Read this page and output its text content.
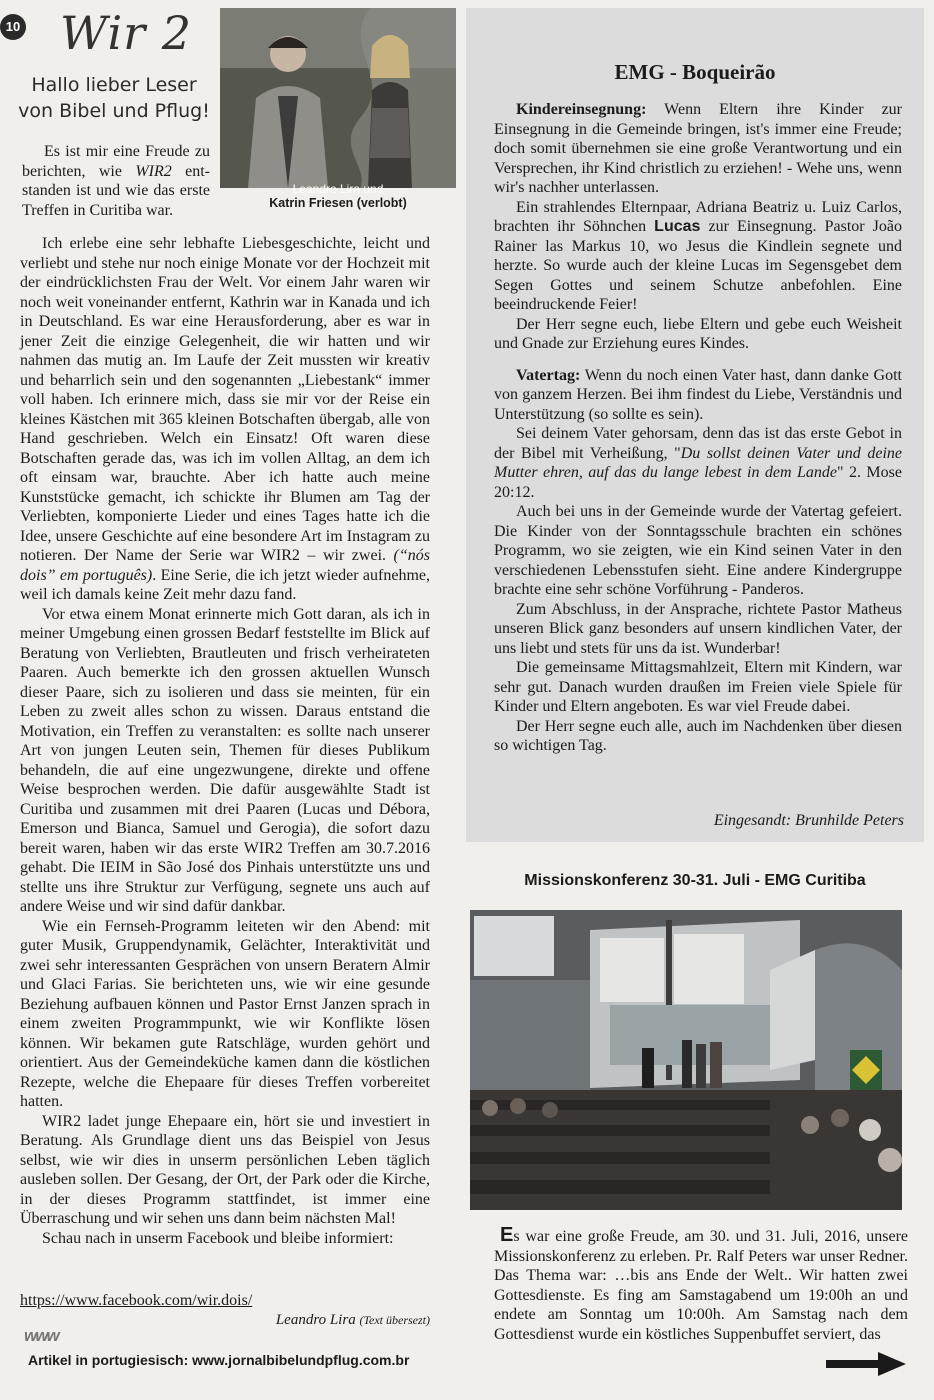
10 Wir 2
Hallo lieber Leser
von Bibel und Pflug!
Es ist mir eine Freude zu berichten, wie WIR2 ent- standen ist und wie das erste Treffen in Curitiba war.
Leandro Lira und
Katrin Friesen (verlobt)

Ich erlebe eine sehr lebhafte Liebesgeschichte, leicht und verliebt und stehe nur noch einige Monate vor der Hochzeit mit der eindrücklichsten Frau der Welt. Vor einem Jahr waren wir noch weit voneinander entfernt, Kathrin war in Kanada und ich in Deutschland. Es war eine Herausforderung, aber es war in jener Zeit die einzige Gelegenheit, die wir hatten und wir nahmen das mutig an. Im Laufe der Zeit mussten wir kreativ und beharrlich sein und den sogenannten „Liebestank“ immer voll haben. Ich erinnere mich, dass sie mir vor der Reise ein kleines Kästchen mit 365 kleinen Botschaften übergab, alle von Hand geschrieben. Welch ein Einsatz! Oft waren diese Botschaften gerade das, was ich im vollen Alltag, an dem ich oft einsam war, brauchte. Aber ich hatte auch meine Kunststücke gemacht, ich schickte ihr Blumen am Tag der Verliebten, komponierte Lieder und eines Tages hatte ich die Idee, unsere Geschichte auf eine besondere Art im Instagram zu notieren. Der Name der Serie war WIR2 – wir zwei. (“nós dois” em português). Eine Serie, die ich jetzt wieder aufnehme, weil ich damals keine Zeit mehr dazu fand.

Vor etwa einem Monat erinnerte mich Gott daran, als ich in meiner Umgebung einen grossen Bedarf feststellte im Blick auf Beratung von Verliebten, Brautleuten und frisch verheirateten Paaren. Auch bemerkte ich den grossen aktuellen Wunsch dieser Paare, sich zu isolieren und dass sie meinten, für ein Leben zu zweit alles schon zu wissen. Daraus entstand die Motivation, ein Treffen zu veranstalten: es sollte nach unserer Art von jungen Leuten sein, Themen für dieses Publikum behandeln, die auf eine ungezwungene, direkte und offene Weise besprochen werden. Die dafür ausgewählte Stadt ist Curitiba und zusammen mit drei Paaren (Lucas und Débora, Emerson und Bianca, Samuel und Gerogia), die sofort dazu bereit waren, haben wir das erste WIR2 Treffen am 30.7.2016 gehabt. Die IEIM in São José dos Pinhais unterstützte uns und stellte uns ihre Struktur zur Verfügung, segnete uns auch auf andere Weise und wir sind dafür dankbar.

Wie ein Fernseh-Programm leiteten wir den Abend: mit guter Musik, Gruppendynamik, Gelächter, Interaktivität und zwei sehr interessanten Gesprächen von unsern Beratern Almir und Glaci Farias. Sie berichteten uns, wie wir eine gesunde Beziehung aufbauen können und Pastor Ernst Janzen sprach in einem zweiten Programmpunkt, wie wir Konflikte lösen können. Wir bekamen gute Ratschläge, wurden gehört und orientiert. Aus der Gemeindeküche kamen dann die köstlichen Rezepte, welche die Ehepaare für dieses Treffen vorbereitet hatten.

WIR2 ladet junge Ehepaare ein, hört sie und investiert in Beratung. Als Grundlage dient uns das Beispiel von Jesus selbst, wie wir dies in unserm persönlichen Leben täglich ausleben sollen. Der Gesang, der Ort, der Park oder die Kirche, in der dieses Programm stattfindet, ist immer eine Überraschung und wir sehen uns dann beim nächsten Mal!

Schau nach in unserm Facebook und bleibe informiert:

https://www.facebook.com/wir.dois/
Leandro Lira (Text übersezt)
www
Artikel in portugiesisch: www.jornalbibelundpflug.com.br
EMG - Boqueirão

Kindereinsegnung: Wenn Eltern ihre Kinder zur Einsegnung in die Gemeinde bringen, ist's immer eine Freude; doch somit übernehmen sie eine große Verantwortung und ein Versprechen, ihr Kind christlich zu erziehen! - Wehe uns, wenn wir's nachher unterlassen.

Ein strahlendes Elternpaar, Adriana Beatriz u. Luiz Carlos, brachten ihr Söhnchen Lucas zur Einsegnung. Pastor João Rainer las Markus 10, wo Jesus die Kindlein segnete und herzte. So wurde auch der kleine Lucas im Segensgebet dem Segen Gottes und seinem Schutze anbefohlen. Eine beeindruckende Feier!

Der Herr segne euch, liebe Eltern und gebe euch Weisheit und Gnade zur Erziehung eures Kindes.

Vatertag: Wenn du noch einen Vater hast, dann danke Gott von ganzem Herzen. Bei ihm findest du Liebe, Verständnis und Unterstützung (so sollte es sein).

Sei deinem Vater gehorsam, denn das ist das erste Gebot in der Bibel mit Verheißung, "Du sollst deinen Vater und deine Mutter ehren, auf das du lange lebest in dem Lande" 2. Mose 20:12.

Auch bei uns in der Gemeinde wurde der Vatertag gefeiert. Die Kinder von der Sonntagsschule brachten ein schönes Programm, wo sie zeigten, wie ein Kind seinen Vater in den verschiedenen Lebensstufen sieht. Eine andere Kindergruppe brachte eine sehr schöne Vorführung - Panderos.

Zum Abschluss, in der Ansprache, richtete Pastor Matheus unseren Blick ganz besonders auf unsern kindlichen Vater, der uns liebt und stets für uns da ist. Wunderbar!

Die gemeinsame Mittagsmahlzeit, Eltern mit Kindern, war sehr gut. Danach wurden draußen im Freien viele Spiele für Kinder und Eltern angeboten. Es war viel Freude dabei.

Der Herr segne euch alle, auch im Nachdenken über diesen so wichtigen Tag.

Eingesandt: Brunhilde Peters
Missionskonferenz 30-31. Juli - EMG Curitiba

Es war eine große Freude, am 30. und 31. Juli, 2016, unsere Missionskonferenz zu erleben. Pr. Ralf Peters war unser Redner. Das Thema war: …bis ans Ende der Welt.. Wir hatten zwei Gottesdienste. Es fing am Samstagabend um 19:00h an und endete am Sonntag um 10:00h. Am Samstag nach dem Gottesdienst wurde ein köstliches Suppenbuffet serviert, das
